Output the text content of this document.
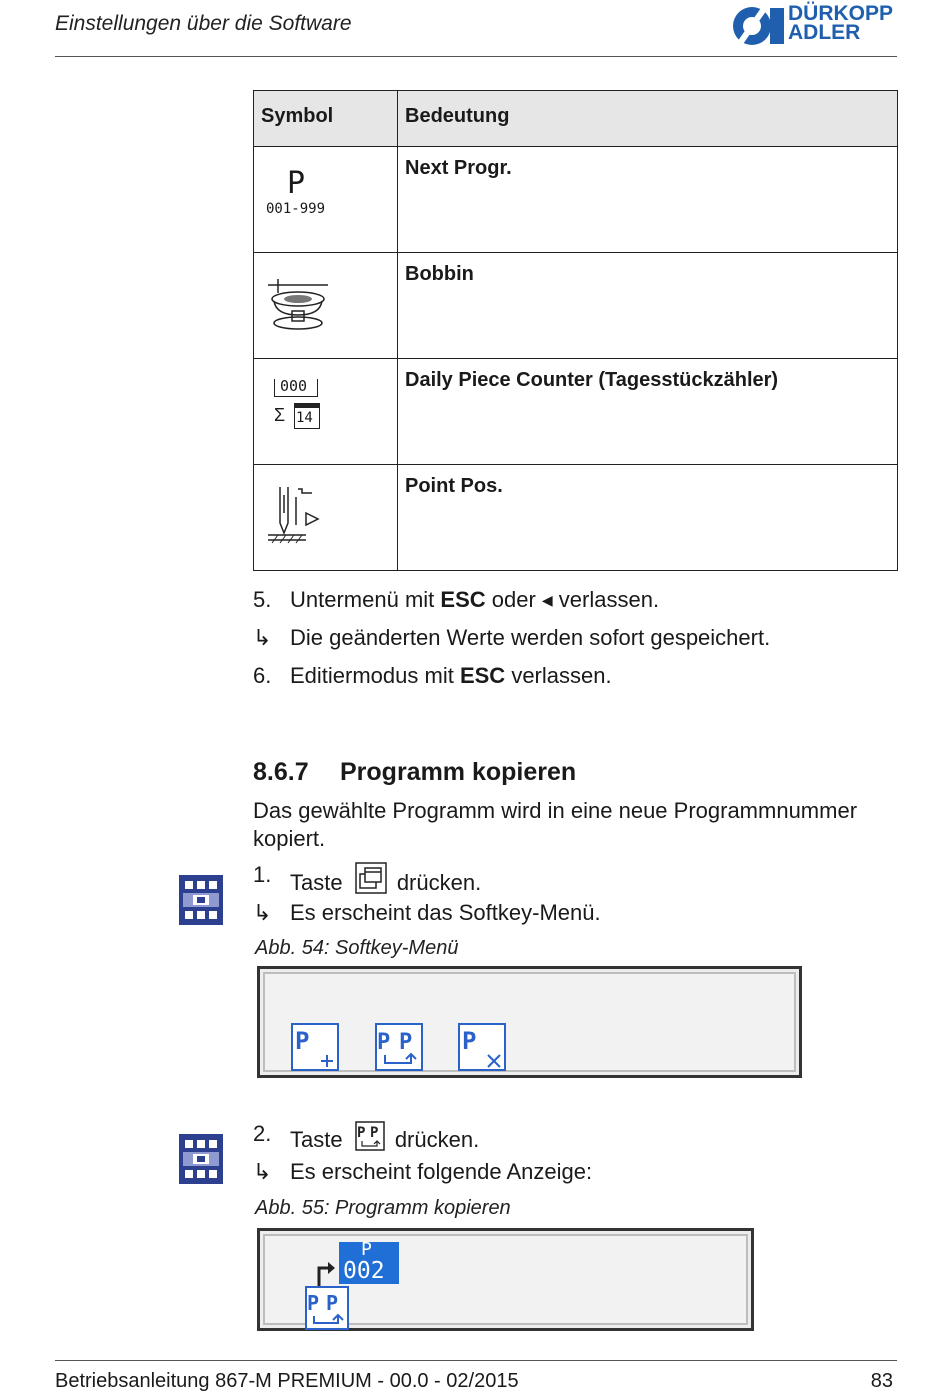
Einstellungen über die Software	DÜRKOPP
ADLER
Symbol	Bedeutung

P
001-999	Next Progr.

	Bobbin

000
Σ 14	Daily Piece Counter (Tagesstückzähler)

	Point Pos.
5. Untermenü mit ESC oder ◀ verlassen.
↳ Die geänderten Werte werden sofort gespeichert.
6. Editiermodus mit ESC verlassen.
8.6.7 Programm kopieren
Das gewählte Programm wird in eine neue Programmnummer kopiert.
1. Taste  drücken.
↳ Es erscheint das Softkey-Menü.
Abb. 54: Softkey-Menü
P	P P P
2. Taste P P drücken.
↳ Es erscheint folgende Anzeige:
Abb. 55: Programm kopieren
P
002
P P
Betriebsanleitung 867-M PREMIUM - 00.0 - 02/2015	83
